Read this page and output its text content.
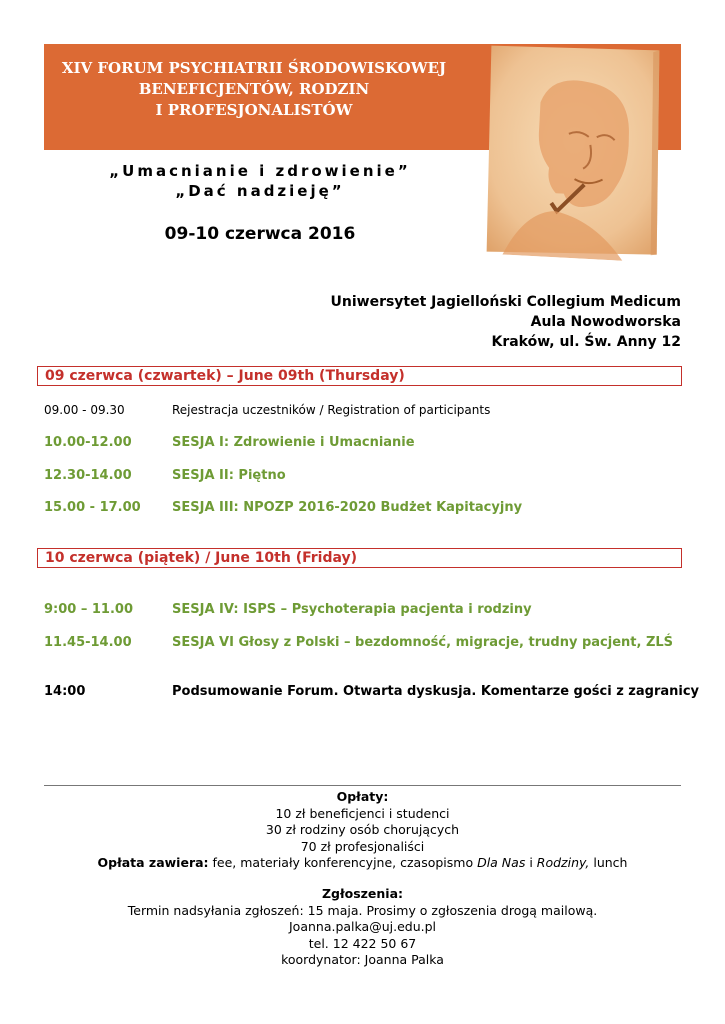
XIV FORUM PSYCHIATRII ŚRODOWISKOWEJ
BENEFICJENTÓW, RODZIN
I PROFESJONALISTÓW
„Umacnianie i zdrowienie”
„Dać nadzieję”
09-10 czerwca 2016
Uniwersytet Jagielloński Collegium Medicum
Aula Nowodworska
Kraków, ul. Św. Anny 12
09 czerwca (czwartek) – June 09th (Thursday)
09.00 - 09.30	Rejestracja uczestników / Registration of participants
10.00-12.00	SESJA I: Zdrowienie i Umacnianie
12.30-14.00	SESJA II: Piętno
15.00 - 17.00 SESJA III: NPOZP 2016-2020 Budżet Kapitacyjny
10 czerwca (piątek) / June 10th (Friday)
9:00 – 11.00	SESJA IV: ISPS – Psychoterapia pacjenta i rodziny
11.45-14.00	SESJA VI Głosy z Polski – bezdomność, migracje, trudny pacjent, ZLŚ
14:00	Podsumowanie Forum. Otwarta dyskusja. Komentarze gości z zagranicy
Opłaty:
10 zł beneficjenci i studenci
30 zł rodziny osób chorujących
70 zł profesjonaliści
Opłata zawiera: fee, materiały konferencyjne, czasopismo Dla Nas i Rodziny, lunch
Zgłoszenia:
Termin nadsyłania zgłoszeń: 15 maja. Prosimy o zgłoszenia drogą mailową.
Joanna.palka@uj.edu.pl
tel. 12 422 50 67
koordynator: Joanna Palka
